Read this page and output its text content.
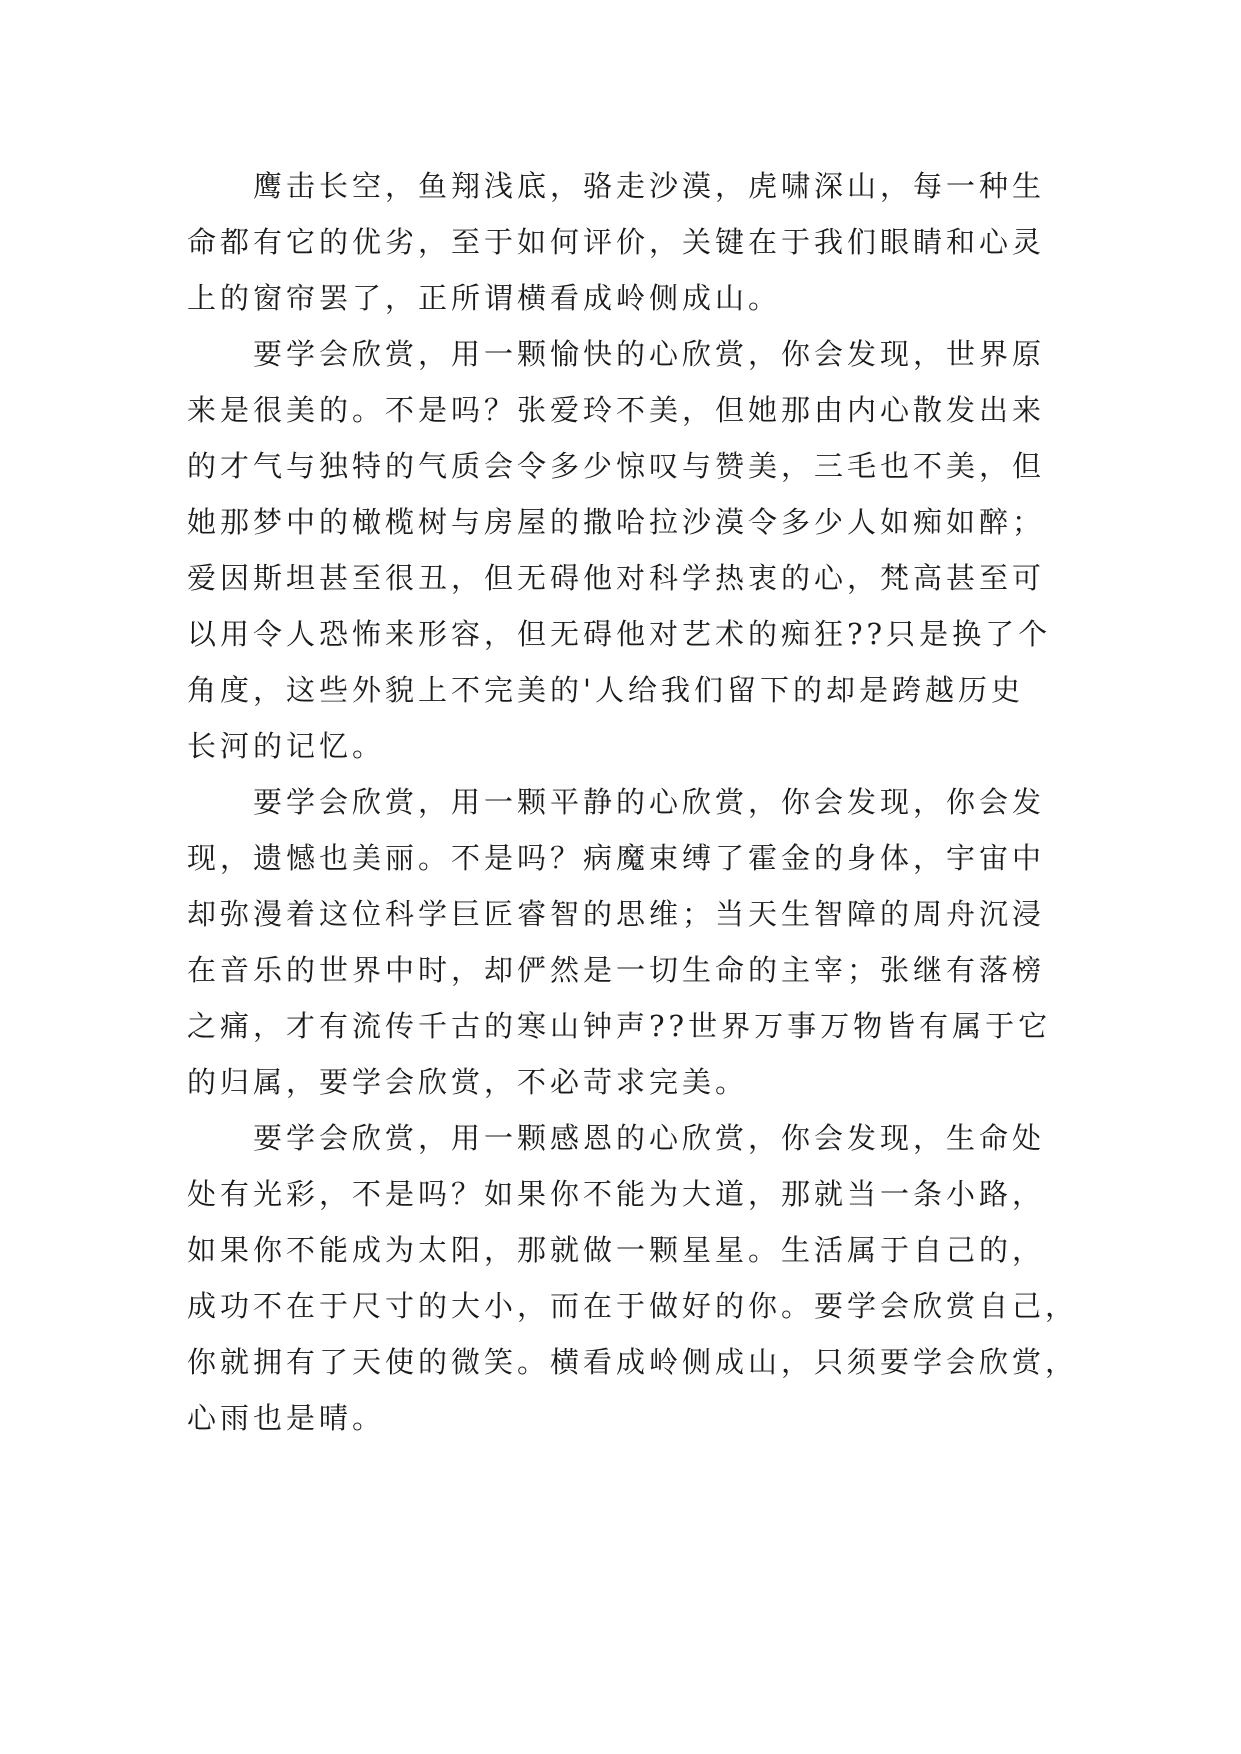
　　鹰击长空，鱼翔浅底，骆走沙漠，虎啸深山，每一种生
命都有它的优劣，至于如何评价，关键在于我们眼睛和心灵
上的窗帘罢了，正所谓横看成岭侧成山。
　　要学会欣赏，用一颗愉快的心欣赏，你会发现，世界原
来是很美的。不是吗？张爱玲不美，但她那由内心散发出来
的才气与独特的气质会令多少惊叹与赞美，三毛也不美，但
她那梦中的橄榄树与房屋的撒哈拉沙漠令多少人如痴如醉；
爱因斯坦甚至很丑，但无碍他对科学热衷的心，梵高甚至可
以用令人恐怖来形容，但无碍他对艺术的痴狂??只是换了个
角度，这些外貌上不完美的'人给我们留下的却是跨越历史
长河的记忆。
　　要学会欣赏，用一颗平静的心欣赏，你会发现，你会发
现，遗憾也美丽。不是吗？病魔束缚了霍金的身体，宇宙中
却弥漫着这位科学巨匠睿智的思维；当天生智障的周舟沉浸
在音乐的世界中时，却俨然是一切生命的主宰；张继有落榜
之痛，才有流传千古的寒山钟声??世界万事万物皆有属于它
的归属，要学会欣赏，不必苛求完美。
　　要学会欣赏，用一颗感恩的心欣赏，你会发现，生命处
处有光彩，不是吗？如果你不能为大道，那就当一条小路，
如果你不能成为太阳，那就做一颗星星。生活属于自己的，
成功不在于尺寸的大小，而在于做好的你。要学会欣赏自己，
你就拥有了天使的微笑。横看成岭侧成山，只须要学会欣赏，
心雨也是晴。
